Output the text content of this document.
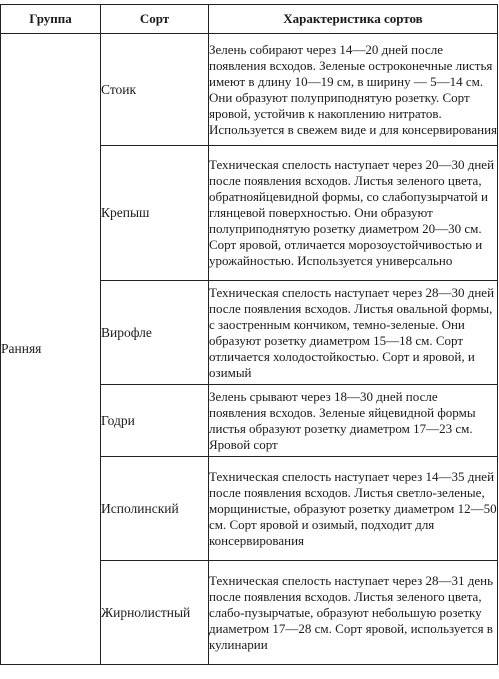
Группа	Сорт	Характеристика сортов
Ранняя	Стоик	Зелень собирают через 14—20 дней после появления всходов. Зеленые остроконечные листья имеют в длину 10—19 см, в ширину — 5—14 см. Они образуют полуприподнятую розетку. Сорт яровой, устойчив к накоплению нитратов. Используется в свежем виде и для консервирования
	Крепыш	Техническая спелость наступает через 20—30 дней после появления всходов. Листья зеленого цвета, обратнояйцевидной формы, со слабопузырчатой и глянцевой поверхностью. Они образуют полуприподнятую розетку диаметром 20—30 см. Сорт яровой, отличается морозоустойчивостью и урожайностью. Используется универсально
	Вирофле	Техническая спелость наступает через 28—30 дней после появления всходов. Листья овальной формы, с заостренным кончиком, темно-зеленые. Они образуют розетку диаметром 15—18 см. Сорт отличается холодостойкостью. Сорт и яровой, и озимый
	Годри	Зелень срывают через 18—30 дней после появления всходов. Зеленые яйцевидной формы листья образуют розетку диаметром 17—23 см. Яровой сорт
	Исполинский	Техническая спелость наступает через 14—35 дней после появления всходов. Листья светло-зеленые, морщинистые, образуют розетку диаметром 12—50 см. Сорт яровой и озимый, подходит для консервирования
	Жирнолистный	Техническая спелость наступает через 28—31 день после появления всходов. Листья зеленого цвета, слабо-пузырчатые, образуют небольшую розетку диаметром 17—28 см. Сорт яровой, используется в кулинарии
